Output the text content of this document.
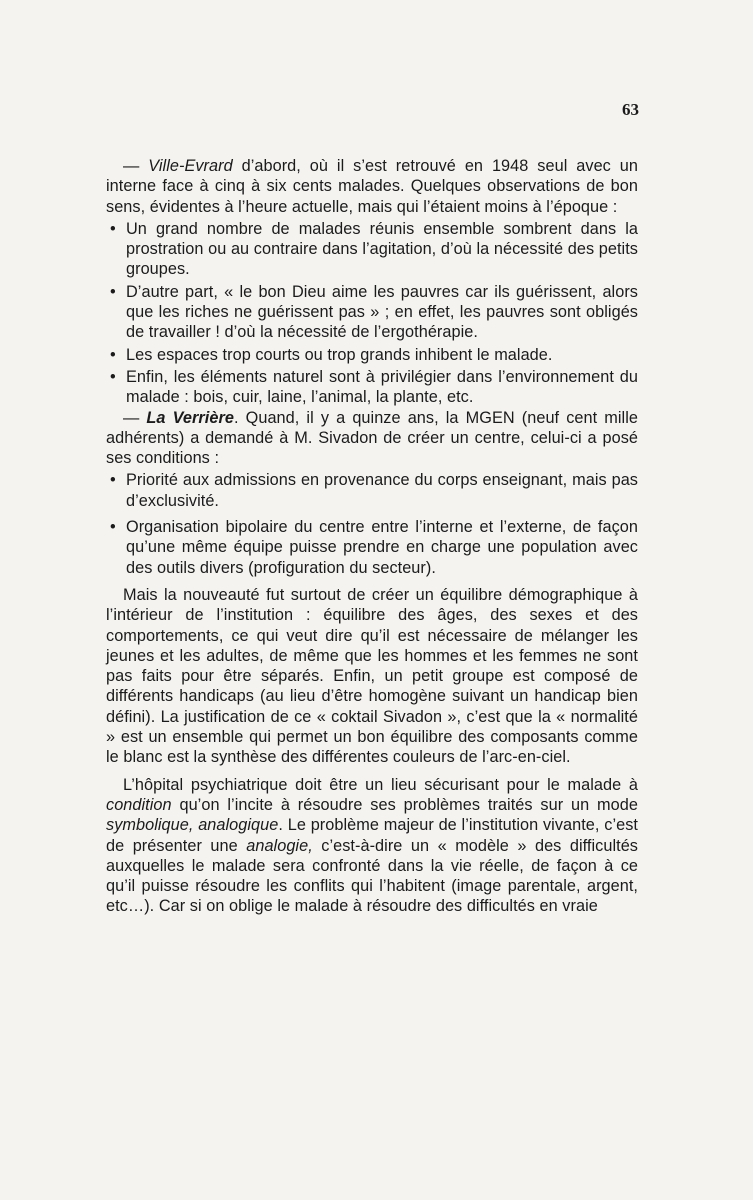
63

— Ville-Evrard d’abord, où il s’est retrouvé en 1948 seul avec un interne face à cinq à six cents malades. Quelques observations de bon sens, évidentes à l’heure actuelle, mais qui l’étaient moins à l’époque :

• Un grand nombre de malades réunis ensemble sombrent dans la prostration ou au contraire dans l’agitation, d’où la nécessité des petits groupes.
• D’autre part, « le bon Dieu aime les pauvres car ils guérissent, alors que les riches ne guérissent pas » ; en effet, les pauvres sont obligés de travailler ! d’où la nécessité de l’ergothérapie.
• Les espaces trop courts ou trop grands inhibent le malade.
• Enfin, les éléments naturel sont à privilégier dans l’environnement du malade : bois, cuir, laine, l’animal, la plante, etc.

— La Verrière. Quand, il y a quinze ans, la MGEN (neuf cent mille adhérents) a demandé à M. Sivadon de créer un centre, celui-ci a posé ses conditions :

• Priorité aux admissions en provenance du corps enseignant, mais pas d’exclusivité.
• Organisation bipolaire du centre entre l’interne et l’externe, de façon qu’une même équipe puisse prendre en charge une population avec des outils divers (profiguration du secteur).

Mais la nouveauté fut surtout de créer un équilibre démographique à l’intérieur de l’institution : équilibre des âges, des sexes et des comportements, ce qui veut dire qu’il est nécessaire de mélanger les jeunes et les adultes, de même que les hommes et les femmes ne sont pas faits pour être séparés. Enfin, un petit groupe est composé de différents handicaps (au lieu d’être homogène suivant un handicap bien défini). La justification de ce « coktail Sivadon », c’est que la « normalité » est un ensemble qui permet un bon équilibre des composants comme le blanc est la synthèse des différentes couleurs de l’arc-en-ciel.

L’hôpital psychiatrique doit être un lieu sécurisant pour le malade à condition qu’on l’incite à résoudre ses problèmes traités sur un mode symbolique, analogique. Le problème majeur de l’institution vivante, c’est de présenter une analogie, c’est-à-dire un « modèle » des difficultés auxquelles le malade sera confronté dans la vie réelle, de façon à ce qu’il puisse résoudre les conflits qui l’habitent (image parentale, argent, etc…). Car si on oblige le malade à résoudre des difficultés en vraie
